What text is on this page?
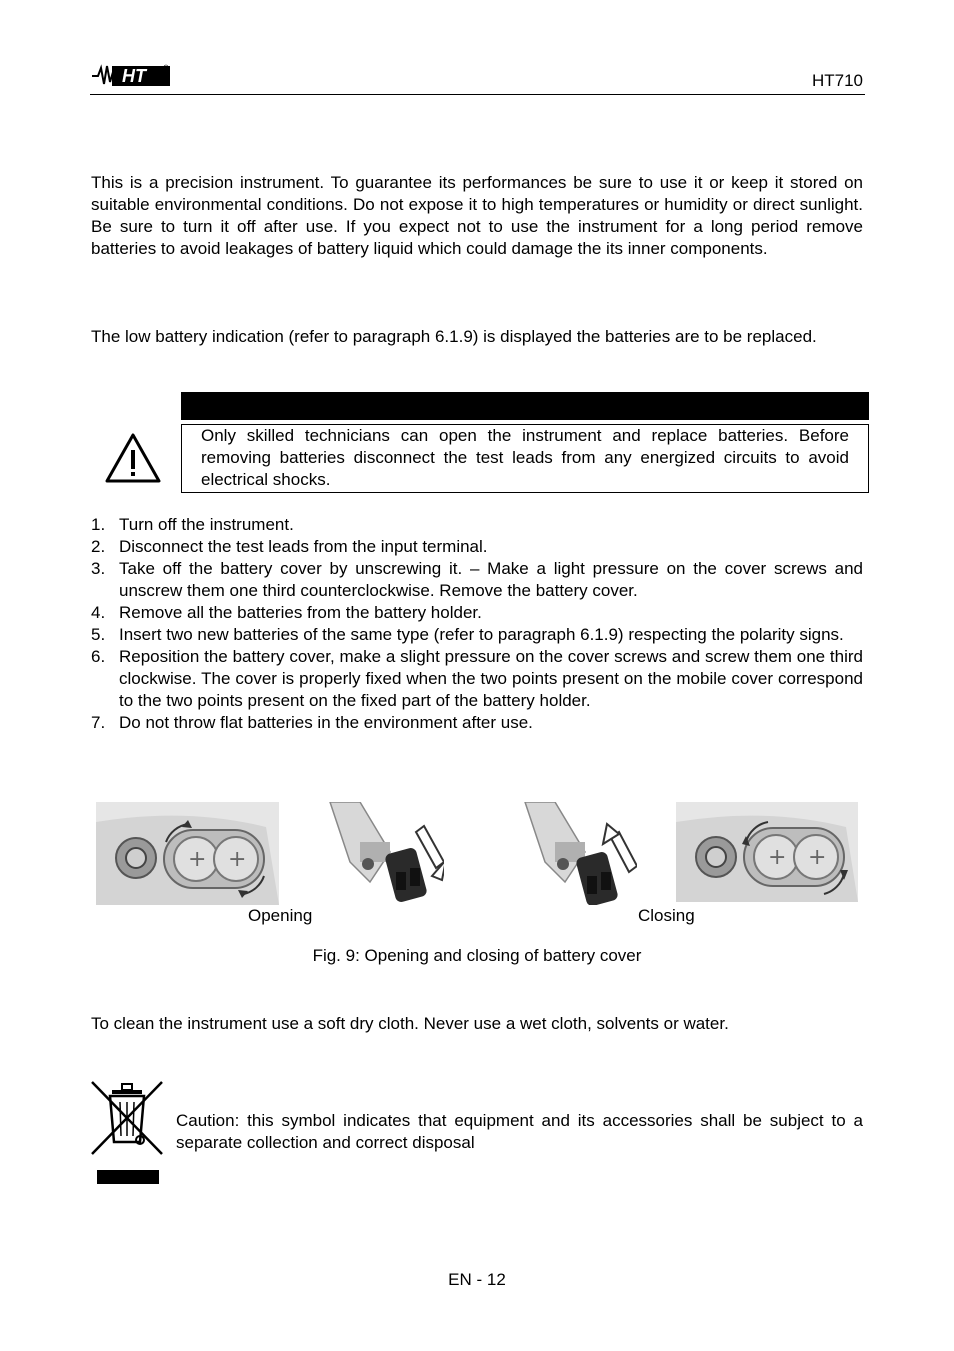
HT	HT710

This is a precision instrument. To guarantee its performances be sure to use it or keep it stored on suitable environmental conditions. Do not expose it to high temperatures or humidity or direct sunlight. Be sure to turn it off after use. If you expect not to use the instrument for a long period remove batteries to avoid leakages of battery liquid which could damage the its inner components.

The low battery indication (refer to paragraph 6.1.9) is displayed the batteries are to be replaced.

Only skilled technicians can open the instrument and replace batteries. Before removing batteries disconnect the test leads from any energized circuits to avoid electrical shocks.
1. Turn off the instrument.
2. Disconnect the test leads from the input terminal.
3. Take off the battery cover by unscrewing it. – Make a light pressure on the cover screws and unscrew them one third counterclockwise. Remove the battery cover.
4. Remove all the batteries from the battery holder.
5. Insert two new batteries of the same type (refer to paragraph 6.1.9) respecting the polarity signs.
6. Reposition the battery cover, make a slight pressure on the cover screws and screw them one third clockwise. The cover is properly fixed when the two points present on the mobile cover correspond to the two points present on the fixed part of the battery holder.
7. Do not throw flat batteries in the environment after use.
+ +	+ +
Opening	Closing
Fig. 9: Opening and closing of battery cover

To clean the instrument use a soft dry cloth. Never use a wet cloth, solvents or water.

Caution: this symbol indicates that equipment and its accessories shall be subject to a separate collection and correct disposal
EN - 12
